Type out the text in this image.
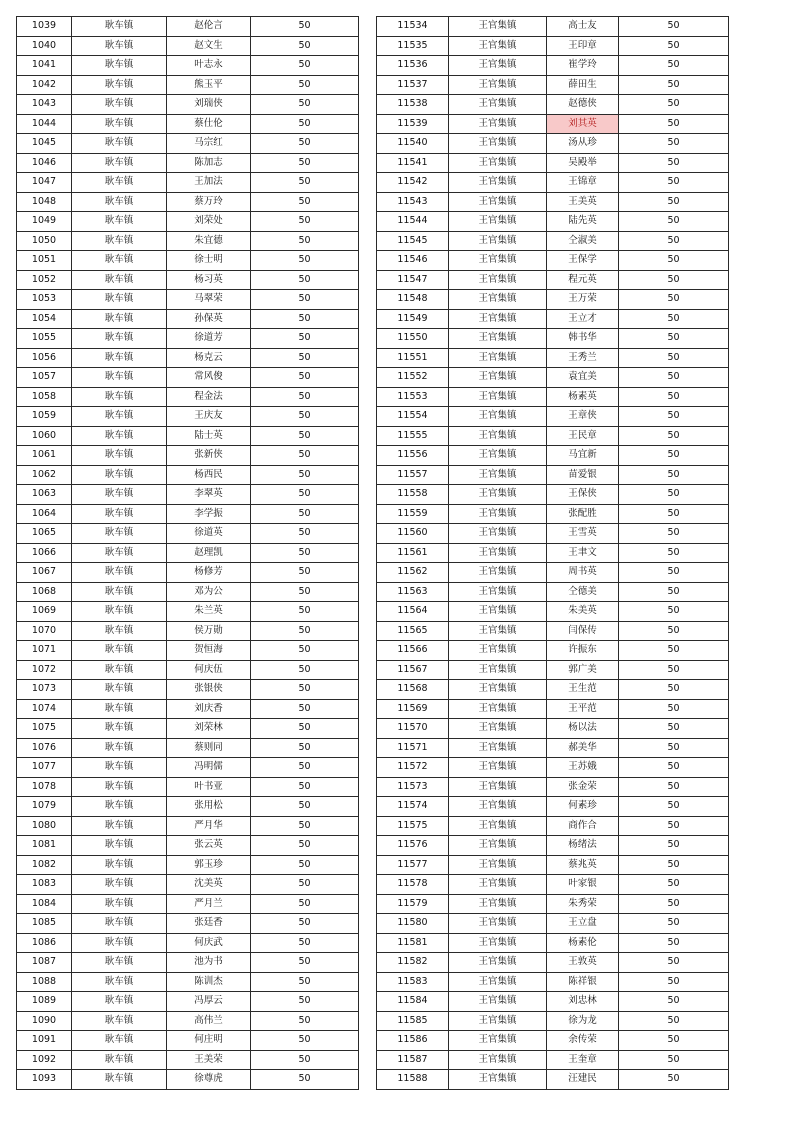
1039	耿车镇	赵伦言	50
1040	耿车镇	赵文生	50
1041	耿车镇	叶志永	50
1042	耿车镇	熊玉平	50
1043	耿车镇	刘瑞侠	50
1044	耿车镇	蔡仕伦	50
1045	耿车镇	马宗红	50
1046	耿车镇	陈加志	50
1047	耿车镇	王加法	50
1048	耿车镇	蔡万玲	50
1049	耿车镇	刘荣处	50
1050	耿车镇	朱宜德	50
1051	耿车镇	徐士明	50
1052	耿车镇	杨习英	50
1053	耿车镇	马翠荣	50
1054	耿车镇	孙保英	50
1055	耿车镇	徐道芳	50
1056	耿车镇	杨克云	50
1057	耿车镇	常风俊	50
1058	耿车镇	程金法	50
1059	耿车镇	王庆友	50
1060	耿车镇	陆士英	50
1061	耿车镇	张新侠	50
1062	耿车镇	杨西民	50
1063	耿车镇	李翠英	50
1064	耿车镇	李学振	50
1065	耿车镇	徐道英	50
1066	耿车镇	赵理凯	50
1067	耿车镇	杨修芳	50
1068	耿车镇	邓为公	50
1069	耿车镇	朱兰英	50
1070	耿车镇	侯万勋	50
1071	耿车镇	贺恒海	50
1072	耿车镇	何庆伍	50
1073	耿车镇	张银侠	50
1074	耿车镇	刘庆香	50
1075	耿车镇	刘荣林	50
1076	耿车镇	蔡则同	50
1077	耿车镇	冯明儒	50
1078	耿车镇	叶书亚	50
1079	耿车镇	张用松	50
1080	耿车镇	严月华	50
1081	耿车镇	张云英	50
1082	耿车镇	郭玉珍	50
1083	耿车镇	沈美英	50
1084	耿车镇	严月兰	50
1085	耿车镇	张廷香	50
1086	耿车镇	何庆武	50
1087	耿车镇	池为书	50
1088	耿车镇	陈训杰	50
1089	耿车镇	冯厚云	50
1090	耿车镇	高伟兰	50
1091	耿车镇	何庄明	50
1092	耿车镇	王美荣	50
1093	耿车镇	徐尊虎	50
11534	王官集镇	高士友	50
11535	王官集镇	王印章	50
11536	王官集镇	崔学玲	50
11537	王官集镇	薛田生	50
11538	王官集镇	赵德侠	50
11539	王官集镇	刘其英	50
11540	王官集镇	汤从珍	50
11541	王官集镇	吴殿举	50
11542	王官集镇	王锦章	50
11543	王官集镇	王美英	50
11544	王官集镇	陆先英	50
11545	王官集镇	仝淑美	50
11546	王官集镇	王保学	50
11547	王官集镇	程元英	50
11548	王官集镇	王万荣	50
11549	王官集镇	王立才	50
11550	王官集镇	韩书华	50
11551	王官集镇	王秀兰	50
11552	王官集镇	袁宜美	50
11553	王官集镇	杨素英	50
11554	王官集镇	王章侠	50
11555	王官集镇	王民章	50
11556	王官集镇	马宜新	50
11557	王官集镇	苗爱银	50
11558	王官集镇	王保侠	50
11559	王官集镇	张配胜	50
11560	王官集镇	王雪英	50
11561	王官集镇	王聿文	50
11562	王官集镇	周书英	50
11563	王官集镇	仝德美	50
11564	王官集镇	朱美英	50
11565	王官集镇	闫保传	50
11566	王官集镇	许振东	50
11567	王官集镇	郭广美	50
11568	王官集镇	王生范	50
11569	王官集镇	王平范	50
11570	王官集镇	杨以法	50
11571	王官集镇	郝美华	50
11572	王官集镇	王苏娥	50
11573	王官集镇	张金荣	50
11574	王官集镇	何素珍	50
11575	王官集镇	商作合	50
11576	王官集镇	杨绪法	50
11577	王官集镇	蔡兆英	50
11578	王官集镇	叶家银	50
11579	王官集镇	朱秀荣	50
11580	王官集镇	王立盘	50
11581	王官集镇	杨素伦	50
11582	王官集镇	王敦英	50
11583	王官集镇	陈祥银	50
11584	王官集镇	刘忠林	50
11585	王官集镇	徐为龙	50
11586	王官集镇	余传荣	50
11587	王官集镇	王奎章	50
11588	王官集镇	汪建民	50
